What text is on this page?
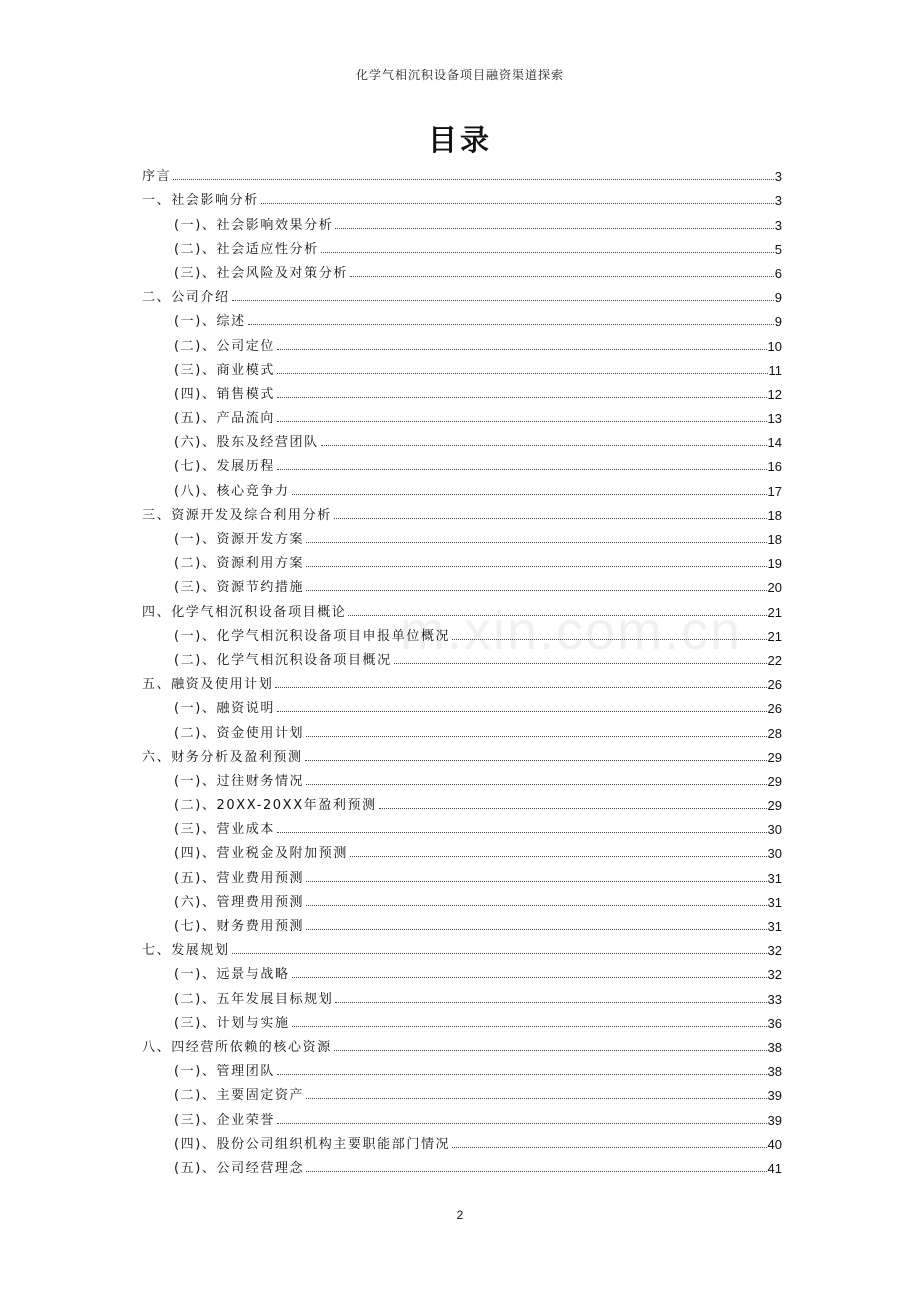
化学气相沉积设备项目融资渠道探索
目录
m.xin.com.cn
序言	3
一、社会影响分析	3
(一)、社会影响效果分析	3
(二)、社会适应性分析	5
(三)、社会风险及对策分析	6
二、公司介绍	9
(一)、综述	9
(二)、公司定位	10
(三)、商业模式	11
(四)、销售模式	12
(五)、产品流向	13
(六)、股东及经营团队	14
(七)、发展历程	16
(八)、核心竞争力	17
三、资源开发及综合利用分析	18
(一)、资源开发方案	18
(二)、资源利用方案	19
(三)、资源节约措施	20
四、化学气相沉积设备项目概论	21
(一)、化学气相沉积设备项目申报单位概况	21
(二)、化学气相沉积设备项目概况	22
五、融资及使用计划	26
(一)、融资说明	26
(二)、资金使用计划	28
六、财务分析及盈利预测	29
(一)、过往财务情况	29
(二)、20XX-20XX年盈利预测	29
(三)、营业成本	30
(四)、营业税金及附加预测	30
(五)、营业费用预测	31
(六)、管理费用预测	31
(七)、财务费用预测	31
七、发展规划	32
(一)、远景与战略	32
(二)、五年发展目标规划	33
(三)、计划与实施	36
八、四经营所依赖的核心资源	38
(一)、管理团队	38
(二)、主要固定资产	39
(三)、企业荣誉	39
(四)、股份公司组织机构主要职能部门情况	40
(五)、公司经营理念	41
2
